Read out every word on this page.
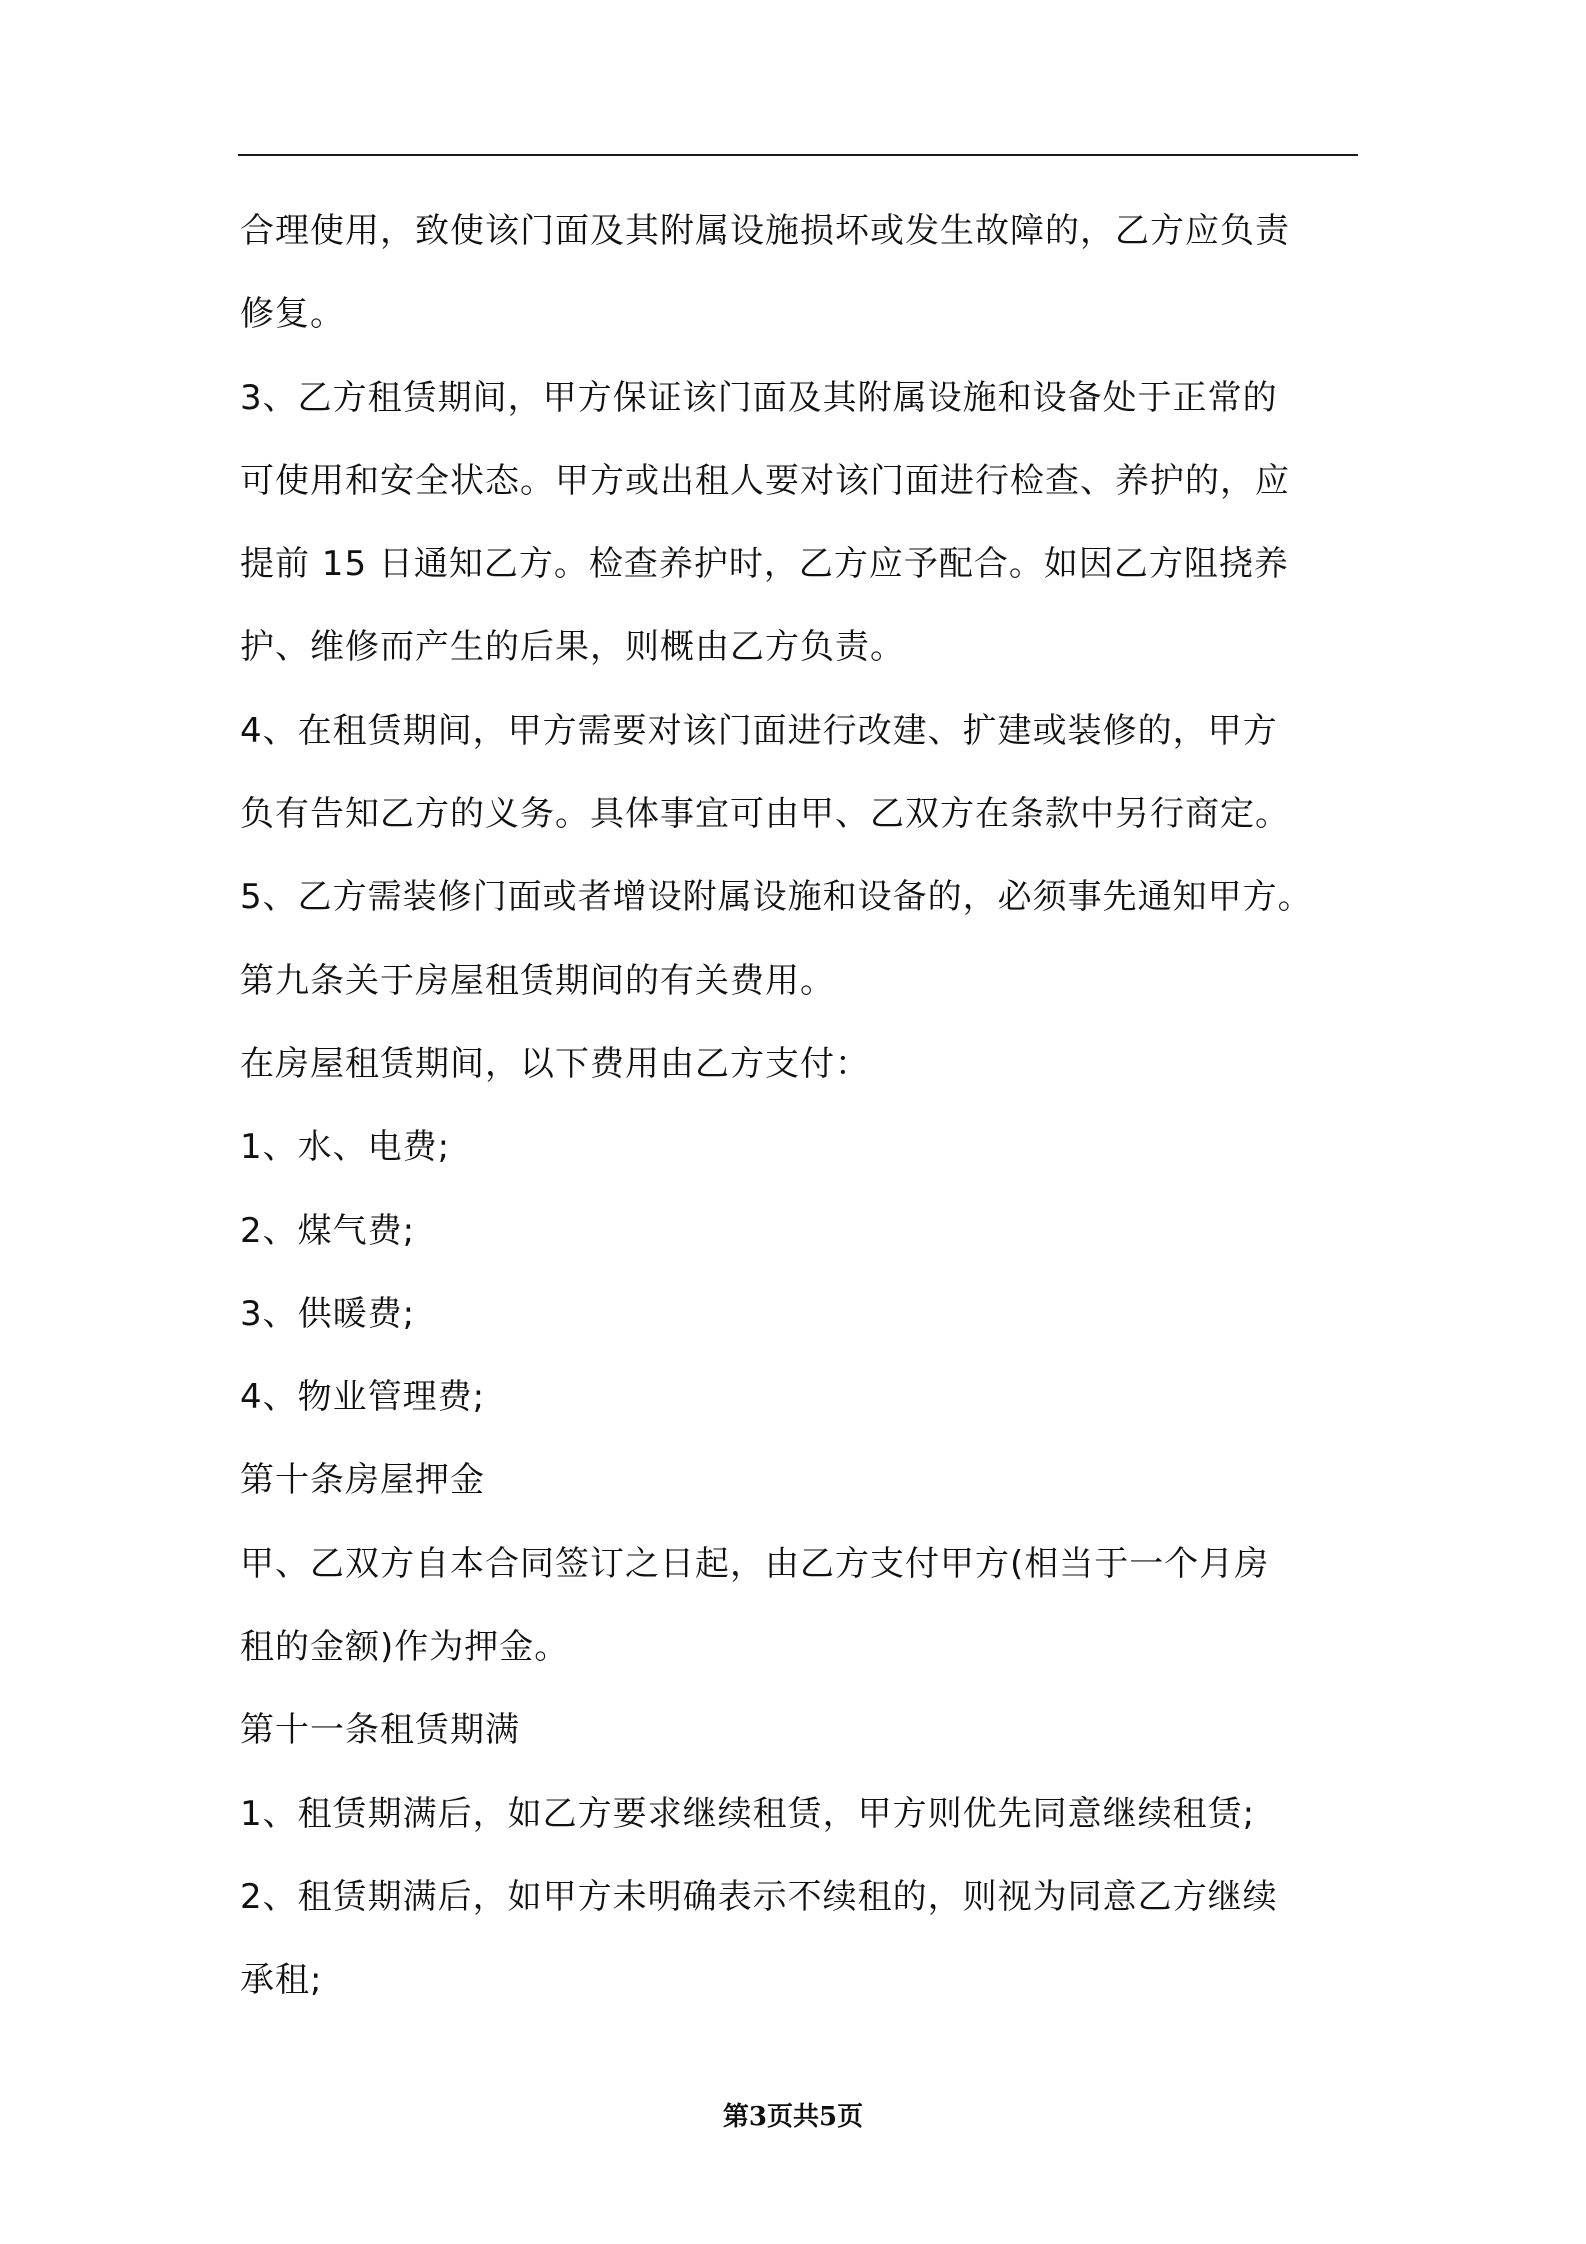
合理使用，致使该门面及其附属设施损坏或发生故障的，乙方应负责
修复。
3、乙方租赁期间，甲方保证该门面及其附属设施和设备处于正常的
可使用和安全状态。甲方或出租人要对该门面进行检查、养护的，应
提前 15 日通知乙方。检查养护时，乙方应予配合。如因乙方阻挠养
护、维修而产生的后果，则概由乙方负责。
4、在租赁期间，甲方需要对该门面进行改建、扩建或装修的，甲方
负有告知乙方的义务。具体事宜可由甲、乙双方在条款中另行商定。
5、乙方需装修门面或者增设附属设施和设备的，必须事先通知甲方。
第九条关于房屋租赁期间的有关费用。
在房屋租赁期间，以下费用由乙方支付：
1、水、电费;
2、煤气费;
3、供暖费;
4、物业管理费;
第十条房屋押金
甲、乙双方自本合同签订之日起，由乙方支付甲方(相当于一个月房
租的金额)作为押金。
第十一条租赁期满
1、租赁期满后，如乙方要求继续租赁，甲方则优先同意继续租赁;
2、租赁期满后，如甲方未明确表示不续租的，则视为同意乙方继续
承租;
第3页共5页
